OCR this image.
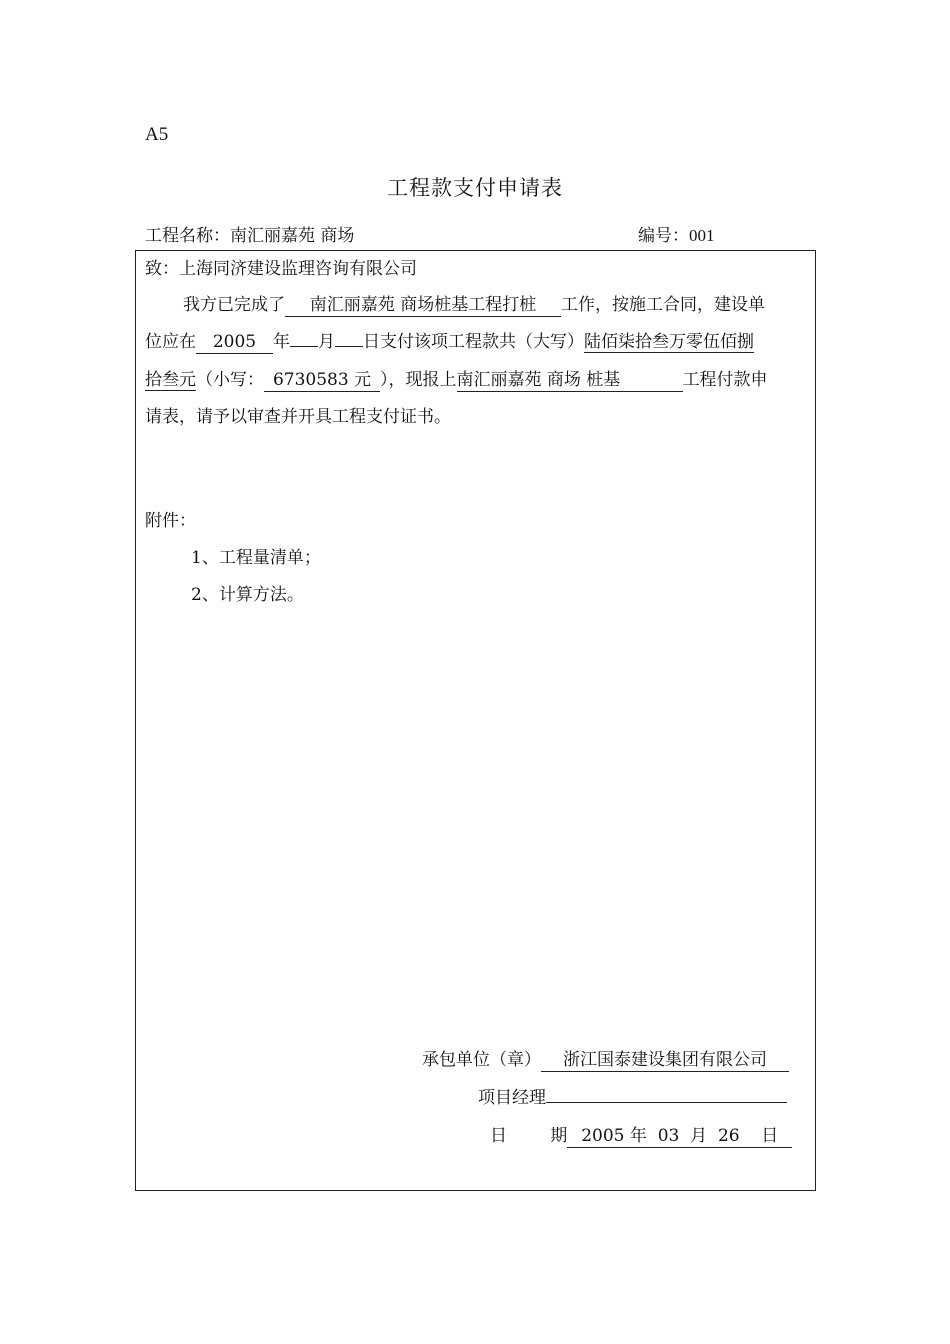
A5
工程款支付申请表
工程名称：南汇丽嘉苑 商场	编号：001
致：上海同济建设监理咨询有限公司
我方已完成了 南汇丽嘉苑 商场桩基工程打桩 工作，按施工合同，建设单
位应在 2005 年 月 日支付该项工程款共（大写）陆佰柒拾叁万零伍佰捌
拾叁元（小写： 6730583 元 ），现报上南汇丽嘉苑 商场 桩基	工程付款申
请表，请予以审查并开具工程支付证书。
附件：
1、工程量清单；
2、计算方法。
承包单位（章） 浙江国泰建设集团有限公司
项目经理
日        期 2005 年  03  月  26    日
